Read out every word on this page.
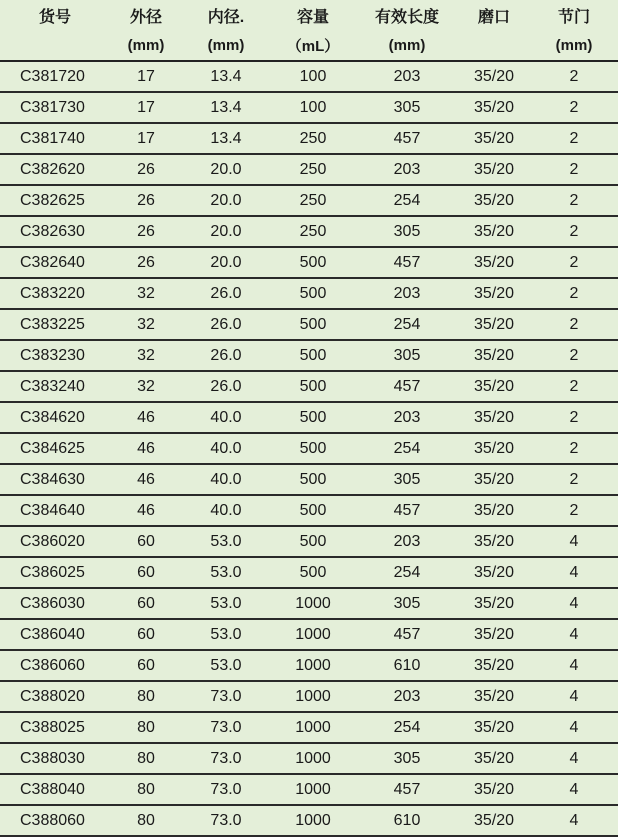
货号	外径	内径.	容量	有效长度	磨口	节门
	(mm)	(mm)	（mL）	(mm)		(mm)
C381720	17	13.4	100	203	35/20	2
C381730	17	13.4	100	305	35/20	2
C381740	17	13.4	250	457	35/20	2
C382620	26	20.0	250	203	35/20	2
C382625	26	20.0	250	254	35/20	2
C382630	26	20.0	250	305	35/20	2
C382640	26	20.0	500	457	35/20	2
C383220	32	26.0	500	203	35/20	2
C383225	32	26.0	500	254	35/20	2
C383230	32	26.0	500	305	35/20	2
C383240	32	26.0	500	457	35/20	2
C384620	46	40.0	500	203	35/20	2
C384625	46	40.0	500	254	35/20	2
C384630	46	40.0	500	305	35/20	2
C384640	46	40.0	500	457	35/20	2
C386020	60	53.0	500	203	35/20	4
C386025	60	53.0	500	254	35/20	4
C386030	60	53.0	1000	305	35/20	4
C386040	60	53.0	1000	457	35/20	4
C386060	60	53.0	1000	610	35/20	4
C388020	80	73.0	1000	203	35/20	4
C388025	80	73.0	1000	254	35/20	4
C388030	80	73.0	1000	305	35/20	4
C388040	80	73.0	1000	457	35/20	4
C388060	80	73.0	1000	610	35/20	4
